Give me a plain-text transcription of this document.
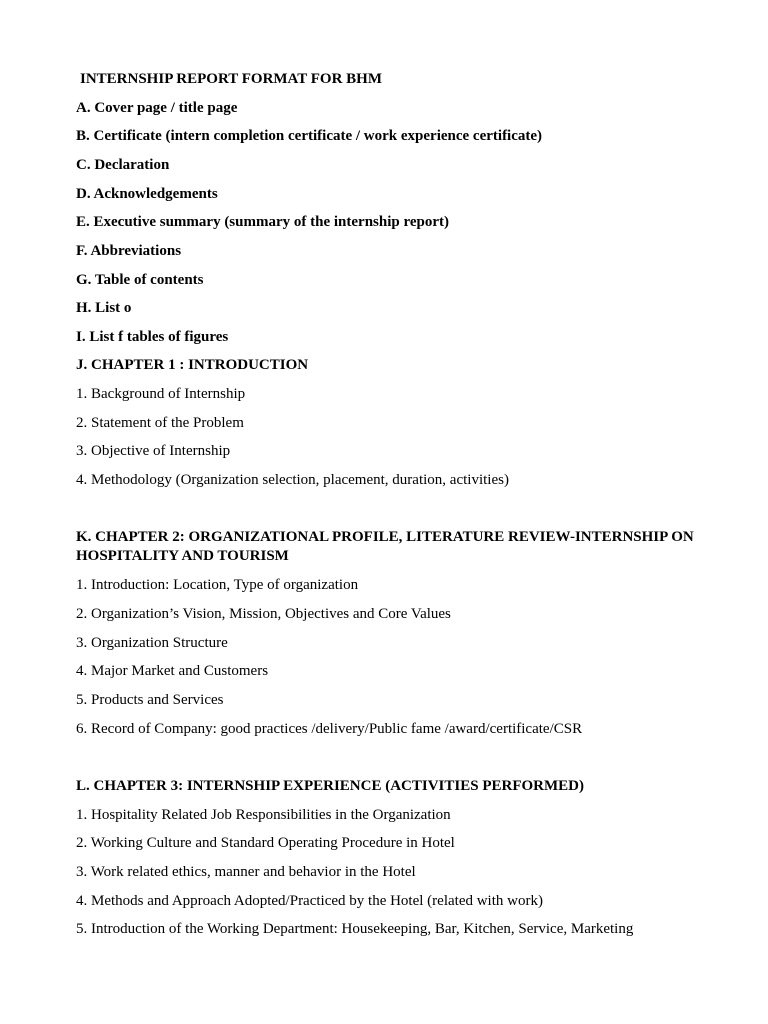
INTERNSHIP REPORT FORMAT FOR BHM
A. Cover page / title page
B. Certificate (intern completion certificate / work experience certificate)
C. Declaration
D. Acknowledgements
E. Executive summary (summary of the internship report)
F. Abbreviations
G. Table of contents
H. List o
I. List f tables of figures
J. CHAPTER 1 : INTRODUCTION
1. Background of Internship
2. Statement of the Problem
3. Objective of Internship
4. Methodology (Organization selection, placement, duration, activities)
K. CHAPTER 2: ORGANIZATIONAL PROFILE, LITERATURE REVIEW-INTERNSHIP ON HOSPITALITY AND TOURISM
1. Introduction: Location, Type of organization
2. Organization’s Vision, Mission, Objectives and Core Values
3. Organization Structure
4. Major Market and Customers
5. Products and Services
6. Record of Company: good practices /delivery/Public fame /award/certificate/CSR
L. CHAPTER 3: INTERNSHIP EXPERIENCE (ACTIVITIES PERFORMED)
1. Hospitality Related Job Responsibilities in the Organization
2. Working Culture and Standard Operating Procedure in Hotel
3. Work related ethics, manner and behavior in the Hotel
4. Methods and Approach Adopted/Practiced by the Hotel (related with work)
5. Introduction of the Working Department: Housekeeping, Bar, Kitchen, Service, Marketing
